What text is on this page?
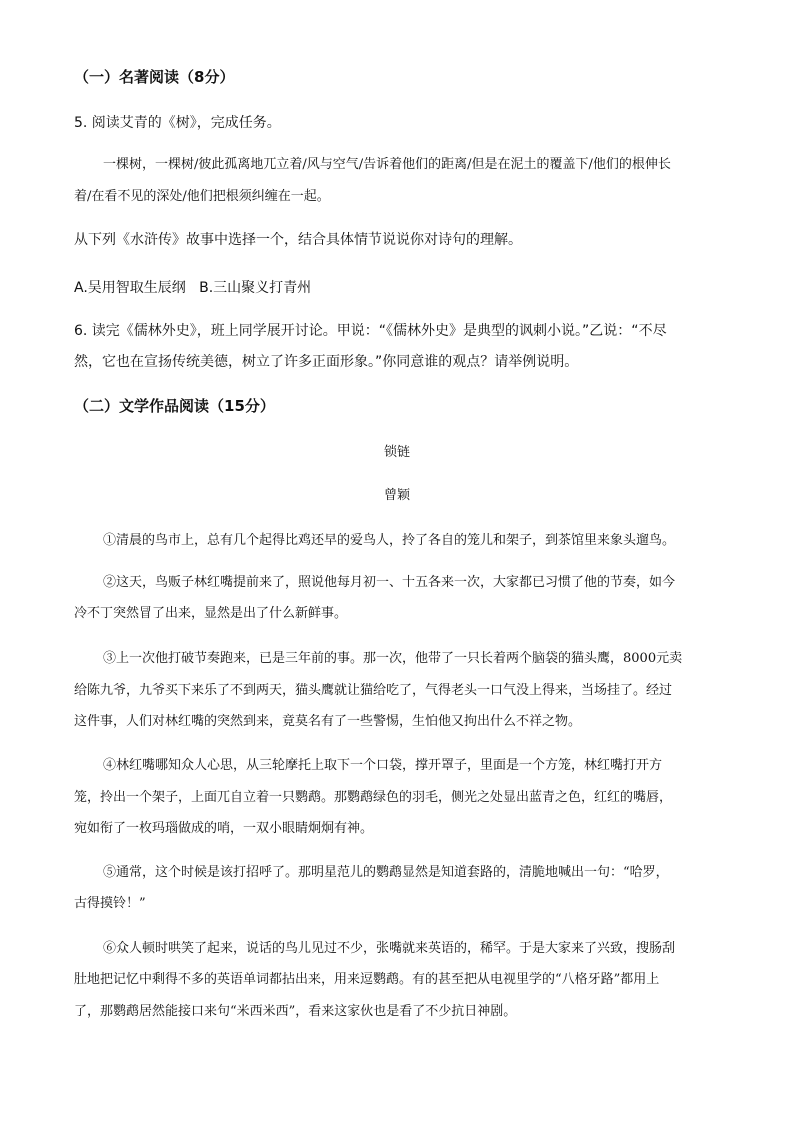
（一）名著阅读（8分）
5. 阅读艾青的《树》，完成任务。
一棵树，一棵树/彼此孤离地兀立着/风与空气/告诉着他们的距离/但是在泥土的覆盖下/他们的根伸长
着/在看不见的深处/他们把根须纠缠在一起。
从下列《水浒传》故事中选择一个，结合具体情节说说你对诗句的理解。
A.吴用智取生辰纲   B.三山聚义打青州
6. 读完《儒林外史》，班上同学展开讨论。甲说：“《儒林外史》是典型的讽刺小说。”乙说：“不尽
然，它也在宣扬传统美德，树立了许多正面形象。”你同意谁的观点？请举例说明。
（二）文学作品阅读（15分）
锁链
曾颖
①清晨的鸟市上，总有几个起得比鸡还早的爱鸟人，拎了各自的笼儿和架子，到茶馆里来象头遛鸟。
②这天，鸟贩子林红嘴提前来了，照说他每月初一、十五各来一次，大家都已习惯了他的节奏，如今
冷不丁突然冒了出来，显然是出了什么新鲜事。
③上一次他打破节奏跑来，已是三年前的事。那一次，他带了一只长着两个脑袋的猫头鹰，8000元卖
给陈九爷，九爷买下来乐了不到两天，猫头鹰就让猫给吃了，气得老头一口气没上得来，当场挂了。经过
这件事，人们对林红嘴的突然到来，竟莫名有了一些警惕，生怕他又拘出什么不祥之物。
④林红嘴哪知众人心思，从三轮摩托上取下一个口袋，撑开罩子，里面是一个方笼，林红嘴打开方
笼，拎出一个架子，上面兀自立着一只鹦鹉。那鹦鹉绿色的羽毛，侧光之处显出蓝青之色，红红的嘴唇，
宛如衔了一枚玛瑙做成的哨，一双小眼睛炯炯有神。
⑤通常，这个时候是该打招呼了。那明星范儿的鹦鹉显然是知道套路的，清脆地喊出一句：“哈罗，
古得摸铃！”
⑥众人顿时哄笑了起来，说话的鸟儿见过不少，张嘴就来英语的，稀罕。于是大家来了兴致，搜肠刮
肚地把记忆中剩得不多的英语单词都拈出来，用来逗鹦鹉。有的甚至把从电视里学的“八格牙路”都用上
了，那鹦鹉居然能接口来句“米西米西”，看来这家伙也是看了不少抗日神剧。
